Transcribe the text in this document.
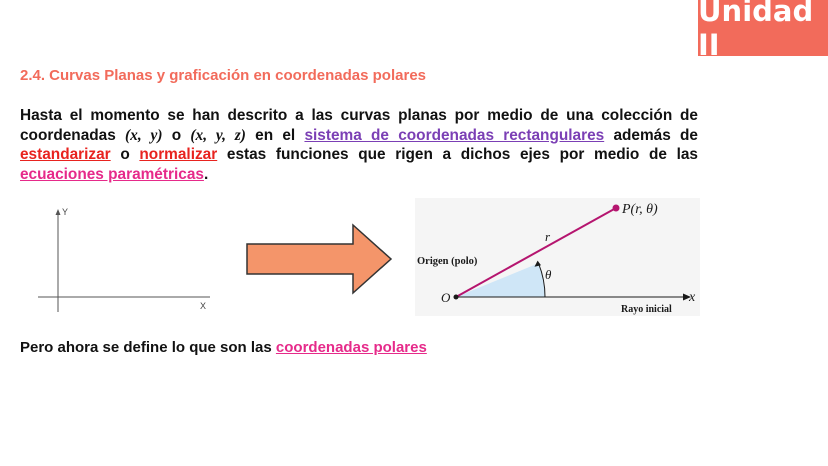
Unidad II
2.4. Curvas Planas y graficación en coordenadas polares
Hasta el momento se han descrito a las curvas planas por medio de una colección de coordenadas (x, y) o (x, y, z) en el sistema de coordenadas rectangulares además de estandarizar o normalizar estas funciones que rigen a dichos ejes por medio de las ecuaciones paramétricas.
Y
X
P(r, θ)
r
θ
Origen (polo)
O	x
Rayo inicial
Pero ahora se define lo que son las coordenadas polares
